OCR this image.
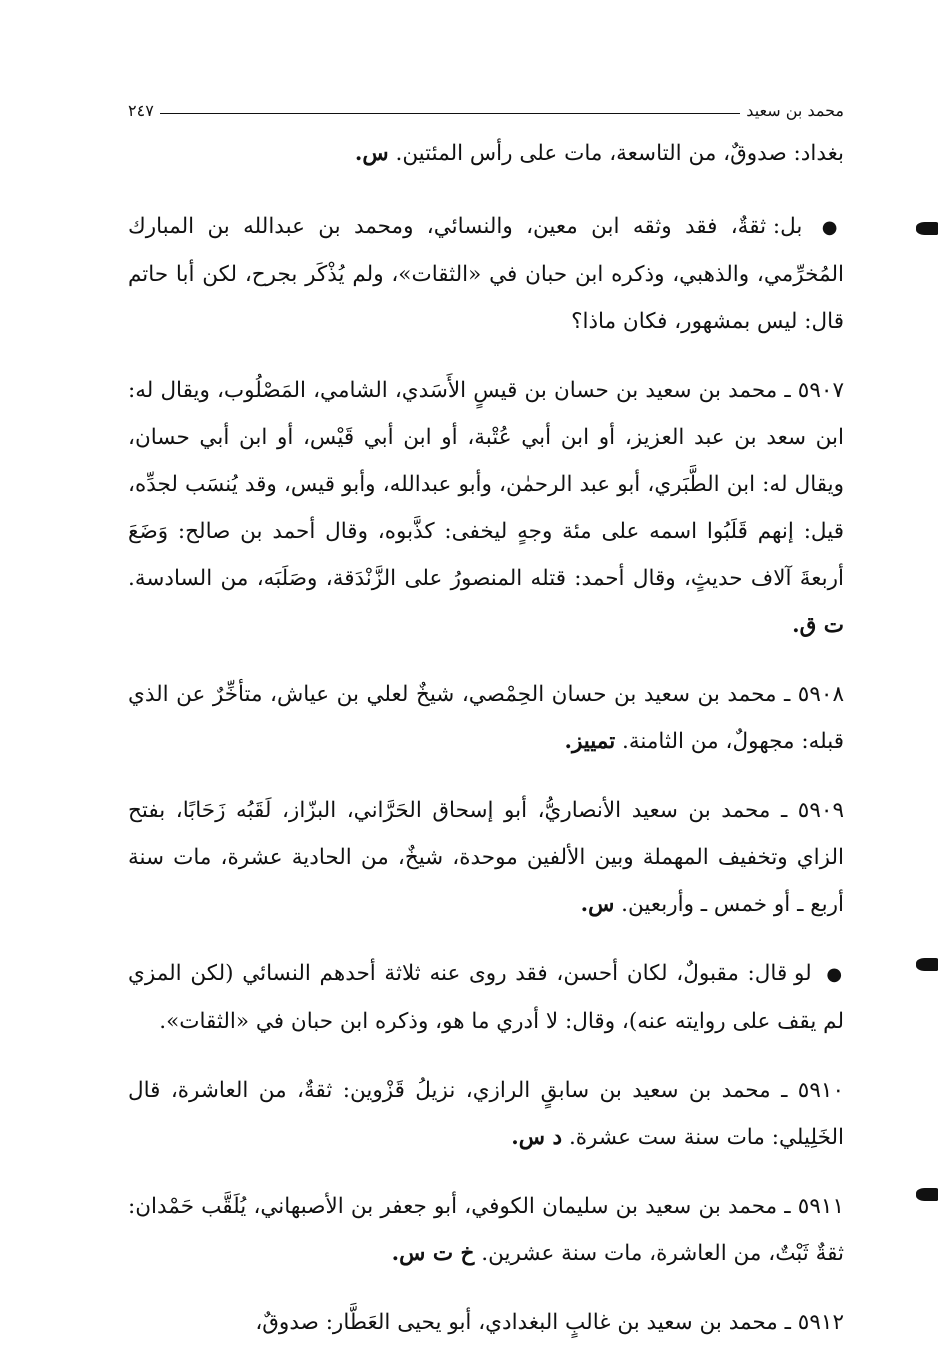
محمد بن سعيد
٢٤٧

بغداد: صدوقٌ، من التاسعة، مات على رأس المئتين. س.

● بل: ثقةٌ، فقد وثقه ابن معين، والنسائي، ومحمد بن عبدالله بن المبارك المُخرِّمي، والذهبي، وذكره ابن حبان في «الثقات»، ولم يُذْكَر بجرح، لكن أبا حاتم قال: ليس بمشهور، فكان ماذا؟

٥٩٠٧ ـ محمد بن سعيد بن حسان بن قيسٍ الأَسَدي، الشامي، المَصْلُوب، ويقال له: ابن سعد بن عبد العزيز، أو ابن أبي عُتْبة، أو ابن أبي قَيْس، أو ابن أبي حسان، ويقال له: ابن الطَّبَري، أبو عبد الرحمٰن، وأبو عبدالله، وأبو قيس، وقد يُنسَب لجدِّه، قيل: إنهم قَلَبُوا اسمه على مئة وجهٍ ليخفى: كذَّبوه، وقال أحمد بن صالح: وَضَعَ أربعةَ آلاف حديثٍ، وقال أحمد: قتله المنصورُ على الزَّنْدَقة، وصَلَبَه، من السادسة. ت ق.

٥٩٠٨ ـ محمد بن سعيد بن حسان الحِمْصي، شيخٌ لعلي بن عياش، متأخِّرٌ عن الذي قبله: مجهولٌ، من الثامنة. تمييز.

٥٩٠٩ ـ محمد بن سعيد الأنصاريُّ، أبو إسحاق الحَرَّاني، البزّاز، لَقَبُه زَحَابًا، بفتح الزاي وتخفيف المهملة وبين الألفين موحدة، شيخٌ، من الحادية عشرة، مات سنة أربع ـ أو خمس ـ وأربعين. س.

● لو قال: مقبولٌ، لكان أحسن، فقد روى عنه ثلاثة أحدهم النسائي (لكن المزي لم يقف على روايته عنه)، وقال: لا أدري ما هو، وذكره ابن حبان في «الثقات».

٥٩١٠ ـ محمد بن سعيد بن سابقٍ الرازي، نزيلُ قَزْوين: ثقةٌ، من العاشرة، قال الخَلِيلي: مات سنة ست عشرة. د س.

٥٩١١ ـ محمد بن سعيد بن سليمان الكوفي، أبو جعفر بن الأصبهاني، يُلَقَّب حَمْدان: ثقةٌ ثَبْتٌ، من العاشرة، مات سنة عشرين. خ ت س.

٥٩١٢ ـ محمد بن سعيد بن غالبٍ البغدادي، أبو يحيى العَطَّار: صدوقٌ،
